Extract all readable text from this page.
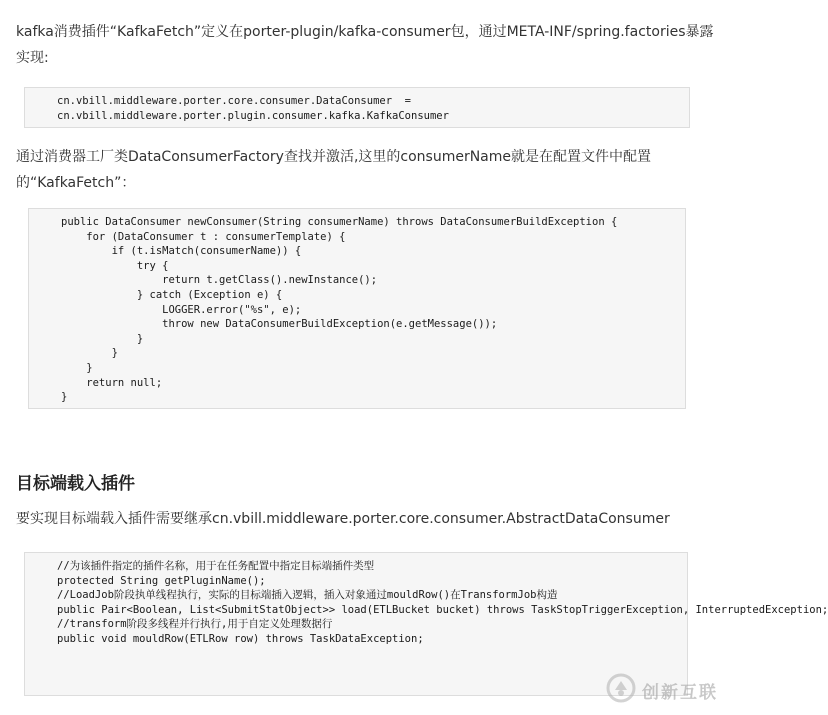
kafka消费插件“KafkaFetch”定义在porter-plugin/kafka-consumer包，通过META-INF/spring.factories暴露实现:

cn.vbill.middleware.porter.core.consumer.DataConsumer  =
cn.vbill.middleware.porter.plugin.consumer.kafka.KafkaConsumer

通过消费器工厂类DataConsumerFactory查找并激活,这里的consumerName就是在配置文件中配置的“KafkaFetch”：

public DataConsumer newConsumer(String consumerName) throws DataConsumerBuildException {
for (DataConsumer t : consumerTemplate) {
if (t.isMatch(consumerName)) {
try {
return t.getClass().newInstance();
} catch (Exception e) {
LOGGER.error("%s", e);
throw new DataConsumerBuildException(e.getMessage());
}
}
}
return null;
}
目标端载入插件

要实现目标端载入插件需要继承cn.vbill.middleware.porter.core.consumer.AbstractDataConsumer

//为该插件指定的插件名称，用于在任务配置中指定目标端插件类型
protected String getPluginName();
//LoadJob阶段执单线程执行，实际的目标端插入逻辑，插入对象通过mouldRow()在TransformJob构造
public Pair<Boolean, List<SubmitStatObject>> load(ETLBucket bucket) throws TaskStopTriggerException, InterruptedException;
//transform阶段多线程并行执行,用于自定义处理数据行
public void mouldRow(ETLRow row) throws TaskDataException;
创新互联
